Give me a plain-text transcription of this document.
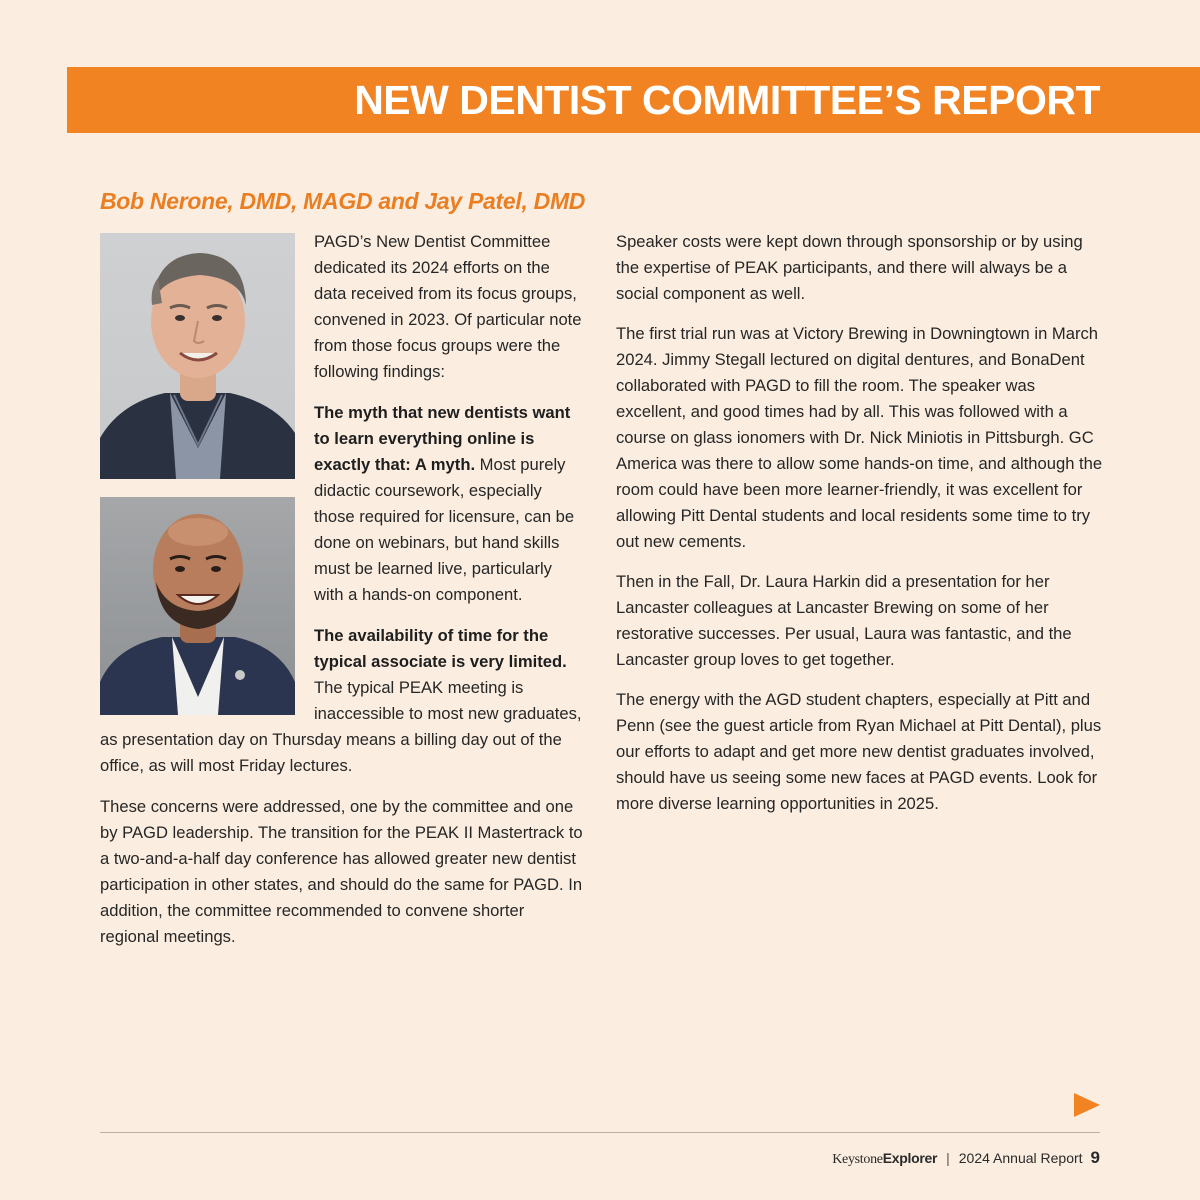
NEW DENTIST COMMITTEE’S REPORT
Bob Nerone, DMD, MAGD and Jay Patel, DMD

PAGD’s New Dentist Committee dedicated its 2024 efforts on the data received from its focus groups, convened in 2023. Of particular note from those focus groups were the following findings:

The myth that new dentists want to learn everything online is exactly that: A myth. Most purely didactic coursework, especially those required for licensure, can be done on webinars, but hand skills must be learned live, particularly with a hands-on component.

The availability of time for the typical associate is very limited. The typical PEAK meeting is inaccessible to most new graduates, as presentation day on Thursday means a billing day out of the office, as will most Friday lectures.

These concerns were addressed, one by the committee and one by PAGD leadership. The transition for the PEAK II Mastertrack to a two-and-a-half day conference has allowed greater new dentist participation in other states, and should do the same for PAGD. In addition, the committee recommended to convene shorter regional meetings.

Speaker costs were kept down through sponsorship or by using the expertise of PEAK participants, and there will always be a social component as well.

The first trial run was at Victory Brewing in Downingtown in March 2024. Jimmy Stegall lectured on digital dentures, and BonaDent collaborated with PAGD to fill the room. The speaker was excellent, and good times had by all. This was followed with a course on glass ionomers with Dr. Nick Miniotis in Pittsburgh. GC America was there to allow some hands-on time, and although the room could have been more learner-friendly, it was excellent for allowing Pitt Dental students and local residents some time to try out new cements.

Then in the Fall, Dr. Laura Harkin did a presentation for her Lancaster colleagues at Lancaster Brewing on some of her restorative successes. Per usual, Laura was fantastic, and the Lancaster group loves to get together.

The energy with the AGD student chapters, especially at Pitt and Penn (see the guest article from Ryan Michael at Pitt Dental), plus our efforts to adapt and get more new dentist graduates involved, should have us seeing some new faces at PAGD events. Look for more diverse learning opportunities in 2025.

Keystone Explorer | 2024 Annual Report 9
